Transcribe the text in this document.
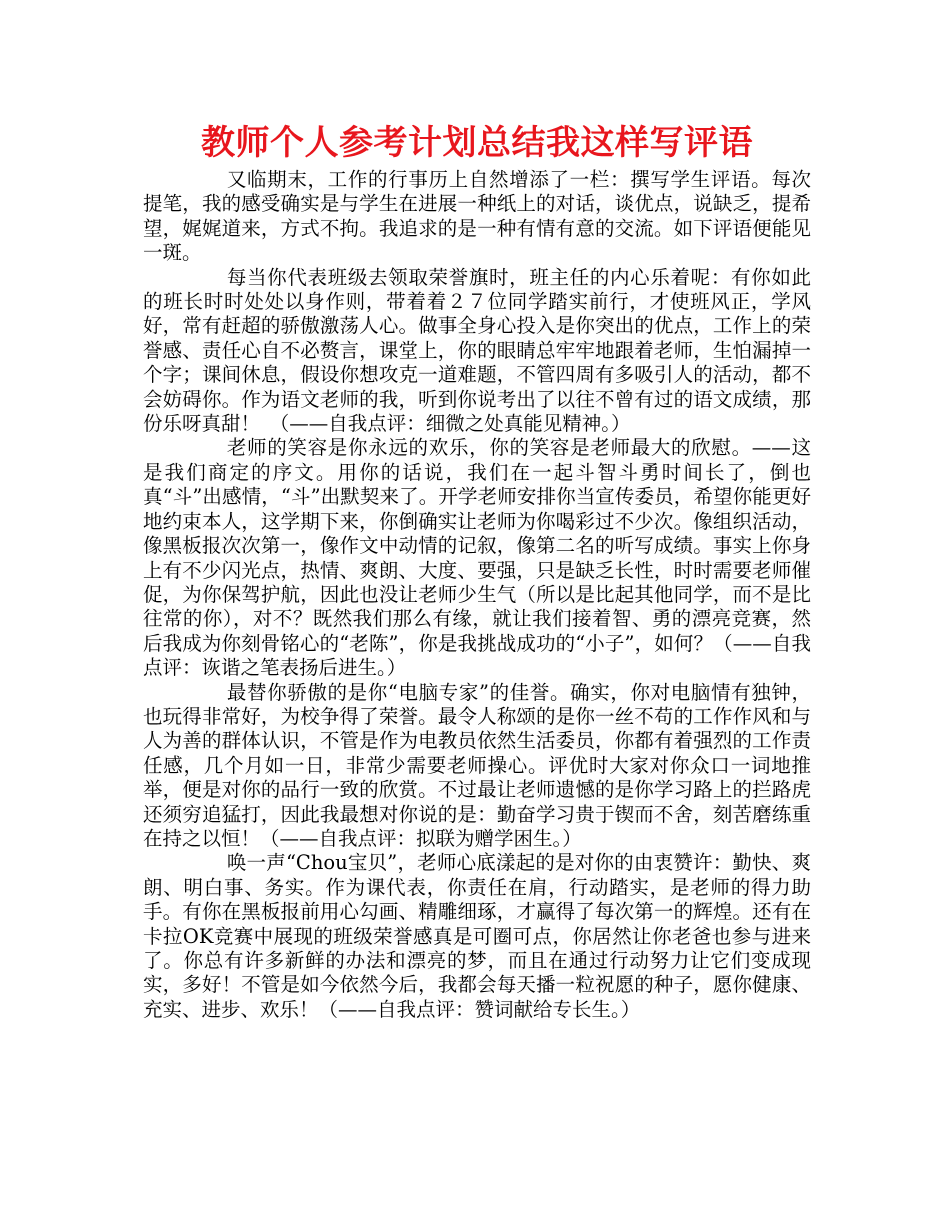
教师个人参考计划总结我这样写评语

又临期末，工作的行事历上自然增添了一栏：撰写学生评语。每次提笔，我的感受确实是与学生在进展一种纸上的对话，谈优点，说缺乏，提希望，娓娓道来，方式不拘。我追求的是一种有情有意的交流。如下评语便能见一斑。

每当你代表班级去领取荣誉旗时，班主任的内心乐着呢：有你如此的班长时时处处以身作则，带着着２７位同学踏实前行，才使班风正，学风好，常有赶超的骄傲激荡人心。做事全身心投入是你突出的优点，工作上的荣誉感、责任心自不必赘言，课堂上，你的眼睛总牢牢地跟着老师，生怕漏掉一个字；课间休息，假设你想攻克一道难题，不管四周有多吸引人的活动，都不会妨碍你。作为语文老师的我，听到你说考出了以往不曾有过的语文成绩，那份乐呀真甜！　（——自我点评：细微之处真能见精神。）

老师的笑容是你永远的欢乐，你的笑容是老师最大的欣慰。——这是我们商定的序文。用你的话说，我们在一起斗智斗勇时间长了，倒也真“斗”出感情，“斗”出默契来了。开学老师安排你当宣传委员，希望你能更好地约束本人，这学期下来，你倒确实让老师为你喝彩过不少次。像组织活动，像黑板报次次第一，像作文中动情的记叙，像第二名的听写成绩。事实上你身上有不少闪光点，热情、爽朗、大度、要强，只是缺乏长性，时时需要老师催促，为你保驾护航，因此也没让老师少生气（所以是比起其他同学，而不是比往常的你），对不？既然我们那么有缘，就让我们接着智、勇的漂亮竞赛，然后我成为你刻骨铭心的“老陈”，你是我挑战成功的“小子”，如何？（——自我点评：诙谐之笔表扬后进生。）

最替你骄傲的是你“电脑专家”的佳誉。确实，你对电脑情有独钟，也玩得非常好，为校争得了荣誉。最令人称颂的是你一丝不苟的工作作风和与人为善的群体认识，不管是作为电教员依然生活委员，你都有着强烈的工作责任感，几个月如一日，非常少需要老师操心。评优时大家对你众口一词地推举，便是对你的品行一致的欣赏。不过最让老师遗憾的是你学习路上的拦路虎还须穷追猛打，因此我最想对你说的是：勤奋学习贵于锲而不舍，刻苦磨练重在持之以恒！（——自我点评：拟联为赠学困生。）

唤一声“Chou宝贝”，老师心底漾起的是对你的由衷赞许：勤快、爽朗、明白事、务实。作为课代表，你责任在肩，行动踏实，是老师的得力助手。有你在黑板报前用心勾画、精雕细琢，才赢得了每次第一的辉煌。还有在卡拉OK竞赛中展现的班级荣誉感真是可圈可点，你居然让你老爸也参与进来了。你总有许多新鲜的办法和漂亮的梦，而且在通过行动努力让它们变成现实，多好！不管是如今依然今后，我都会每天播一粒祝愿的种子，愿你健康、充实、进步、欢乐！（——自我点评：赞词献给专长生。）
